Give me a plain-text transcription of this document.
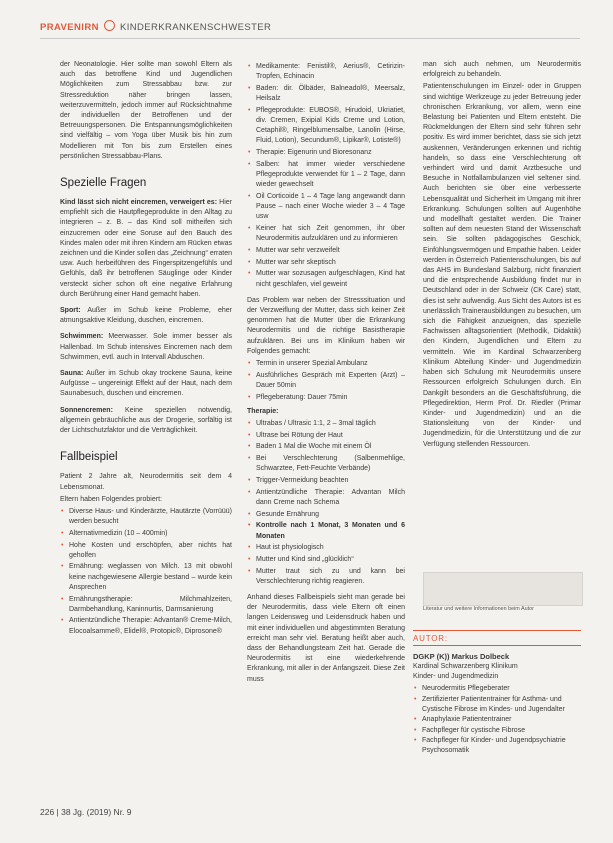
PRAVENIRN KINDERKRANKENSCHWESTER

der Neonatologie. Hier sollte man sowohl Eltern als auch das betroffene Kind und Jugendlichen Möglichkeiten zum Stressabbau bzw. zur Stressreduktion näher bringen lassen, weiterzuvermitteln, jedoch immer auf Rücksichtnahme der individuellen der Betroffenen und der Betreuungspersonen. Die Entspannungsmöglichkeiten sind vielfältig – vom Yoga über Musik bis hin zum Modellieren mit Ton bis zum Erstellen eines persönlichen Stressabbau-Plans.

Spezielle Fragen

Kind lässt sich nicht eincremen, verweigert es: Hier empfiehlt sich die Hautpflegeprodukte in den Alltag zu integrieren – z. B. – das Kind soll mitheifen sich einzucremen oder eine Soruse auf den Bauch des Kindes malen oder mit ihren Kindern am Rücken etwas zeichnen und die Kinder sollen das „Zeichnung“ erraten usw. Auch herbeiführen des Fingerspitzengefühls und Gefühls, daß ihr betroffenen Säuglinge oder Kinder versteckt sicher schon oft eine negative Erfahrung durch Berührung einer Hand gemacht haben.

Sport: Außer im Schub keine Probleme, eher atmungsaktive Kleidung, duschen, eincremen.

Schwimmen: Meerwasser. Sole immer besser als Hallenbad. Im Schub intensives Eincremen nach dem Schwimmen, evtl. auch in Intervall Abduschen.

Sauna: Außer im Schub okay trockene Sauna, keine Aufgüsse – ungereinigt Effekt auf der Haut, nach dem Saunabesuch, duschen und eincremen.

Sonnencremen: Keine speziellen notwendig, allgemein gebräuchliche aus der Drogerie, sorfältig ist der Lichtschutzfaktor und die Verträglichkeit.

Fallbeispiel

Patient 2 Jahre alt, Neurodermitis seit dem 4 Lebensmonat.

Eltern haben Folgendes probiert:

• Diverse Haus- und Kinderärzte, Hautärzte (Vorrüüü) werden besucht
• Alternativmedizin (10 – 400min)
• Hohe Kosten und erschöpfen, aber nichts hat geholfen
• Ernährung: weglassen von Milch. 13 mit obwohl keine nachgewiesene Allergie bestand – wurde kein Ansprechen
• Ernährungstherapie: Milchmahlzeiten, Darmbehandlung, Kaninnurtis, Darmsanierung
• Antientzündliche Therapie: Advantan® Creme-Milch, Elocoalsamme®, Elidel®, Protopic®, Diprosone®
• Medikamente: Fenistil®, Aerius®, Cetirizin-Tropfen, Echinacin
• Baden: dir. Ölbäder, Balneadol®, Meersalz, Heilsalz
• Pflegeprodukte: EUBOS®, Hirudoid, Ukriatiet, div. Cremen, Exipial Kids Creme und Lotion, Cetaphil®, Ringelblumensalbe, Lanolin (Hirse, Fluid, Lotion), Secundum®, Lipikar®, Lotiste®)
• Therapie: Eigenurin und Bioresonanz
• Salben: hat immer wieder verschiedene Pflegeprodukte verwendet für 1 – 2 Tage, dann wieder gewechselt
• Oil Corticoide 1 – 4 Tage lang angewandt dann Pause – nach einer Woche wieder 3 – 4 Tage usw
• Keiner hat sich Zeit genommen, ihr über Neurodermitis aufzuklären und zu informieren
• Mutter war sehr verzweifelt
• Mutter war sehr skeptisch
• Mutter war sozusagen aufgeschlagen, Kind hat nicht geschlafen, viel geweint

Das Problem war neben der Stresssituation und der Verzweiflung der Mutter, dass sich keiner Zeit genommen hat die Mutter über die Erkrankung Neurodermitis und die richtige Basistherapie aufzuklären. Bei uns im Klinikum haben wir Folgendes gemacht:

• Termin in unserer Spezial Ambulanz
• Ausführliches Gespräch mit Experten (Arzt) – Dauer 50min
• Pflegeberatung: Dauer 75min

Therapie:

• Ultrabas / Ultrasic 1:1, 2 – 3mal täglich
• Ultrase bei Rötung der Haut
• Baden 1 Mal die Woche mit einem Öl
• Bei Verschlechterung (Salbenmehlige, Schwarztee, Fett-Feuchte Verbände)
• Trigger-Vermeidung beachten
• Antientzündliche Therapie: Advantan Milch dann Creme nach Schema
• Gesunde Ernährung
• Kontrolle nach 1 Monat, 3 Monaten und 6 Monaten
• Haut ist physiologisch
• Mutter und Kind sind „glücklich“
• Mutter traut sich zu und kann bei Verschlechterung richtig reagieren.

Anhand dieses Fallbeispiels sieht man gerade bei der Neurodermitis, dass viele Eltern oft einen langen Leidensweg und Leidensdruck haben und mit einer individuellen und abgestimmten Beratung erreicht man sehr viel. Beratung heißt aber auch, dass der Behandlungsteam Zeit hat. Gerade die Neurodermitis ist eine wiederkehrende Erkrankung, mit aller in der Anfangszeit. Diese Zeit muss

man sich auch nehmen, um Neurodermitis erfolgreich zu behandeln.

Patientenschulungen im Einzel- oder in Gruppen sind wichtige Werkzeuge zu jeder Betreuung jeder chronischen Erkrankung, vor allem, wenn eine Belastung bei Patienten und Eltern entsteht. Die Rückmeldungen der Eltern sind sehr führen sehr positiv. Es wird immer berichtet, dass sie sich jetzt auskennen, Veränderungen erkennen und richtig handeln, so dass eine Verschlechterung oft verhindert wird und damit Arztbesuche und Besuche in Notfallambulanzen viel seltener sind. Auch berichten sie über eine verbesserte Lebensqualität und Sicherheit im Umgang mit ihrer Erkrankung. Schulungen sollten auf Augenhöhe und modellhaft gestaltet werden. Die Trainer sollten auf dem neuesten Stand der Wissenschaft sein. Sie sollten pädagogisches Geschick, Einfühlungsvermögen und Empathie haben. Leider werden in Österreich Patientenschulungen, bis auf das AHS im Bundesland Salzburg, nicht finanziert und die entsprechende Ausbildung findet nur in Deutschland oder in der Schweiz (CK Care) statt, dies ist sehr aufwendig. Aus Sicht des Autors ist es unerlässlich Trainerausbildungen zu besuchen, um sich die Fähigkeit anzueignen, das spezielle Fachwissen alltagsorientiert (Methodik, Didaktik) den Kindern, Jugendlichen und Eltern zu vermitteln. Wie im Kardinal Schwarzenberg Klinikum Abteilung Kinder- und Jugendmedizin haben sich Schulung mit Neurodermitis unsere Ressourcen erfolgreich Schulungen durch. Ein Dankgilt besonders an die Geschäftsführung, die Pflegedirektion, Herrn Prof. Dr. Riedler (Primar Kinder- und Jugendmedizin) und an die Stationsleitung von der Kinder- und Jugendmedizin, für die Unterstützung und die zur Verfügung stellenden Ressourcen.

Literatur und weitere Informationen beim Autor
AUTOR:
DGKP (K)) Markus Dolbeck
Kardinal Schwarzenberg Klinikum
Kinder- und Jugendmedizin
• Neurodermitis Pflegeberater
• Zertifizierter Patiententrainer für Asthma- und Cystische Fibrose im Kindes- und Jugendalter
• Anaphylaxie Patiententrainer
• Fachpfleger für cystische Fibrose
• Fachpfleger für Kinder- und Jugendpsychiatrie Psychosomatik
226 | 38 Jg. (2019) Nr. 9
